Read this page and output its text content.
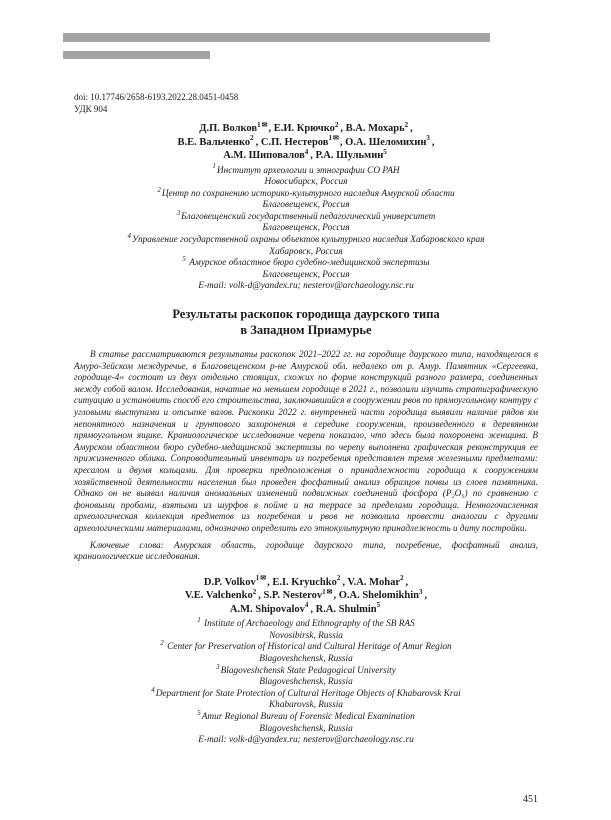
doi: 10.17746/2658-6193.2022.28.0451-0458
УДК 904
Д.П. Волков$^{1✉}$, Е.И. Крючко$^2$ , В.А. Мохарь$^2$ ,
В.Е. Вальченко$^2$ , С.П. Нестеров$^{1✉}$, О.А. Шеломихин$^3$ ,
А.М. Шиповалов$^4$ , Р.А. Шульмин$^5$
$^1$Институт археологии и этнографии СО РАН
Новосибирск, Россия
$^2$Центр по сохранению историко-культурного наследия Амурской области
Благовещенск, Россия
$^3$Благовещенский государственный педагогический университет
Благовещенск, Россия
$^4$Управление государственной охраны объектов культурного наследия Хабаровского края
Хабаровск, Россия
$^5$ Амурское областное бюро судебно-медицинской экспертизы
Благовещенск, Россия
E-mail: volk-d@yandex.ru; nesterov@archaeology.nsc.ru
Результаты раскопок городища даурского типа
в Западном Приамурье

В статье рассматриваются результаты раскопок 2021–2022 гг. на городище даурского типа, находящегося в Амуро-Зейском междуречье, в Благовещенском р-не Амурской обл. недалеко от р. Амур. Памятник «Сергеевка, городище-4» состоит из двух отдельно стоящих, схожих по форме конструкций разного размера, соединенных между собой валом. Исследования, начатые на меньшем городище в 2021 г., позволили изучить стратиграфическую ситуацию и установить способ его строительства, заключавшийся в сооружении рвов по прямоугольному контуру с угловыми выступами и отсыпке валов. Раскопки 2022 г. внутренней части городища выявили наличие рядов ям непонятного назначения и грунтового захоронения в середине сооружения, произведенного в деревянном прямоугольном ящике. Краниологическое исследование черепа показало, что здесь была похоронена женщина. В Амурском областном бюро судебно-медицинской экспертизы по черепу выполнена графическая реконструкция ее прижизненного облика. Сопроводительный инвентарь из погребения представлен тремя железными предметами: кресалом и двумя кольцами. Для проверки предположения о принадлежности городища к сооружениям хозяйственной деятельности населения был проведен фосфатный анализ образцов почвы из слоев памятника. Однако он не выявил наличия аномальных изменений подвижных соединений фосфора (P₂O₅) по сравнению с фоновыми пробами, взятыми из шурфов в пойме и на террасе за пределами городища. Немногочисленная археологическая коллекция предметов из погребения и рвов не позволила провести аналогии с другими археологическими материалами, однозначно определить его этнокультурную принадлежность и дату постройки.

Ключевые слова: Амурская область, городище даурского типа, погребение, фосфатный анализ, краниологические исследования.

D.P. Volkov$^{1✉}$, E.I. Kryuchko$^2$ , V.A. Mohar$^2$ ,
V.E. Valchenko$^2$ , S.P. Nesterov$^{1✉}$, O.A. Shelomikhin$^3$ ,
A.M. Shipovalov$^4$ , R.A. Shulmin$^5$
$^1$ Institute of Archaeology and Ethnography of the SB RAS
Novosibirsk, Russia
$^2$ Center for Preservation of Historical and Cultural Heritage of Amur Region
Blagoveshchensk, Russia
$^3$Blagoveshchensk State Pedagogical University
Blagoveshchensk, Russia
$^4$Department for State Protection of Cultural Heritage Objects of Khabarovsk Krai
Khabarovsk, Russia
$^5$Amur Regional Bureau of Forensic Medical Examination
Blagoveshchensk, Russia
E-mail: volk-d@yandex.ru; nesterov@archaeology.nsc.ru
451
